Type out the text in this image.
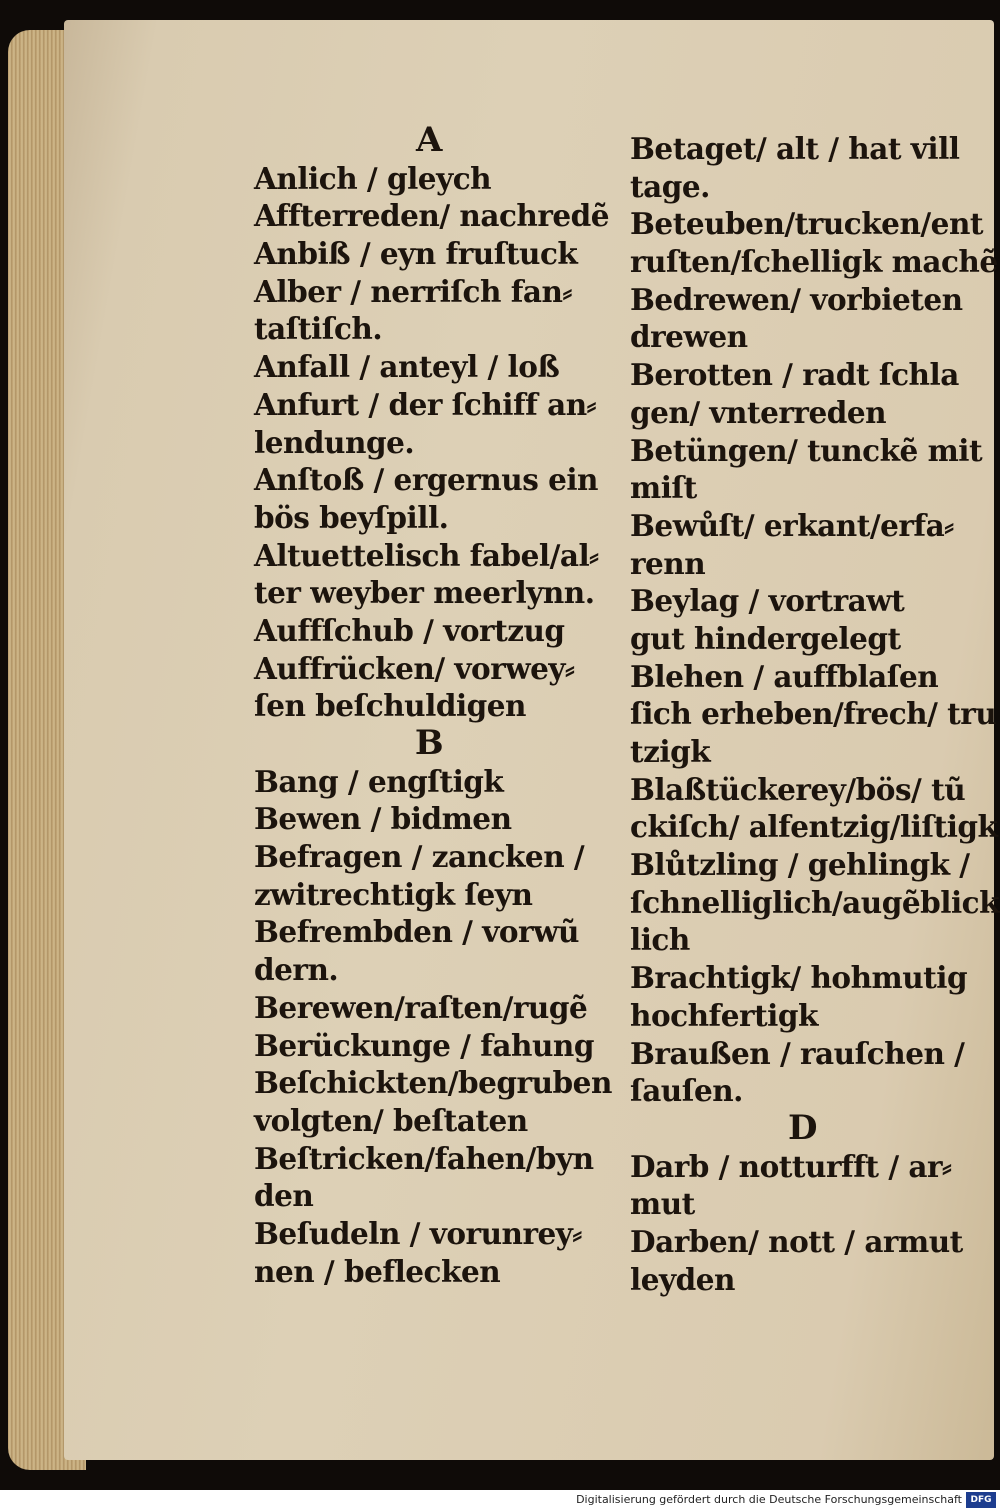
A
Anlich / gleych
Affterreden/ nachredẽ
Anbiß / eyn fruſtuck
Alber / nerriſch fan⸗
taſtiſch.
Anfall / anteyl / loß
Anfurt / der ſchiff an⸗
lendunge.
Anſtoß / ergernus ein
bös beyſpill.
Altuettelisch fabel/al⸗
ter weyber meerlynn.
Auffſchub / vortzug
Auffrücken/ vorwey⸗
ſen beſchuldigen
B
Bang / engſtigk
Bewen / bidmen
Befragen / zancken /
zwitrechtigk ſeyn
Befrembden / vorwũ
dern.
Berewen/raſten/rugẽ
Berückunge / fahung
Beſchickten/begruben
volgten/ beſtaten
Beſtricken/fahen/byn
den
Beſudeln / vorunrey⸗
nen / beflecken
Betaget/ alt / hat vill
tage.
Beteuben/trucken/ent
ruſten/ſchelligk machẽ
Bedrewen/ vorbieten
drewen
Berotten / radt ſchla
gen/ vnterreden
Betüngen/ tunckẽ mit
miſt
Bewůſt/ erkant/erfa⸗
renn
Beylag / vortrawt
gut hindergelegt
Blehen / auffblaſen
ſich erheben/frech/ tru
tzigk
Blaßtückerey/bös/ tũ
ckiſch/ alfentzig/liſtigk
Blůtzling / gehlingk /
ſchnelliglich/augẽblick
lich
Brachtigk/ hohmutig
hochfertigk
Braußen / rauſchen /
ſauſen.
D
Darb / notturfft / ar⸗
mut
Darben/ nott / armut
leyden
Digitalisierung gefördert durch die Deutsche Forschungsgemeinschaft DFG
